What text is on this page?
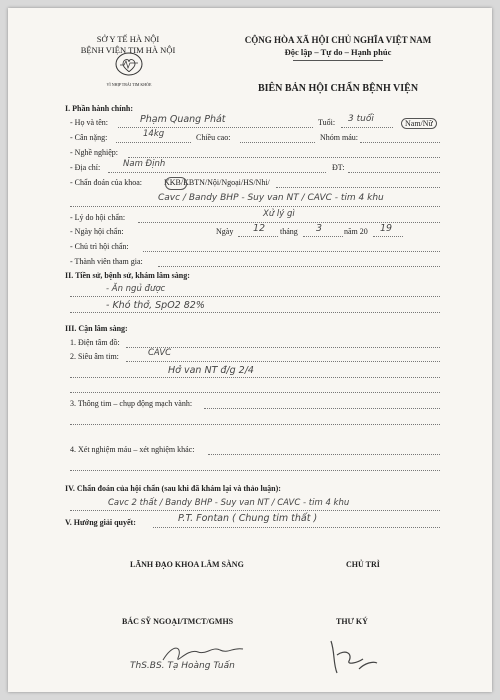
SỞ Y TẾ HÀ NỘI
BỆNH VIỆN TIM HÀ NỘI
VÌ NHỊP TRÁI TIM KHỎE
CỘNG HÒA XÃ HỘI CHỦ NGHĨA VIỆT NAM
Độc lập – Tự do – Hạnh phúc
BIÊN BẢN HỘI CHẨN BỆNH VIỆN
I. Phần hành chính:
- Họ và tên:	Phạm Quang Phát	Tuổi: 3 tuổi	Nam/Nữ
- Cân nặng:	14kg	Chiều cao:	Nhóm máu:
- Nghề nghiệp:
- Địa chỉ:	Nam Định	ĐT:
- Chẩn đoán của khoa:	KKB/KBTN/Nội/Ngoại/HS/Nhi/
Cavc / Bandy BHP - Suy van NT / CAVC - tim 4 khu
- Lý do hội chẩn:	Xử lý gì
- Ngày hội chẩn:	Ngày 12 tháng 3	năm 20 19
- Chủ trì hội chẩn:
- Thành viên tham gia:
II. Tiền sử, bệnh sử, khám lâm sàng:
- Ăn ngủ được
- Khó thở, SpO2 82%
III. Cận lâm sàng:
1. Điện tâm đồ:
2. Siêu âm tim:	CAVC
Hở van NT đ/g 2/4
3. Thông tim – chụp động mạch vành:
4. Xét nghiệm máu – xét nghiệm khác:
IV. Chẩn đoán của hội chẩn (sau khi đã khám lại và thảo luận):
Cavc 2 thất / Bandy BHP - Suy van NT / CAVC - tim 4 khu
V. Hướng giải quyết:	P.T. Fontan ( Chung tim thất )
LÃNH ĐẠO KHOA LÂM SÀNG	CHỦ TRÌ
BÁC SỸ NGOẠI/TMCT/GMHS	THƯ KÝ
ThS.BS. Tạ Hoàng Tuấn
